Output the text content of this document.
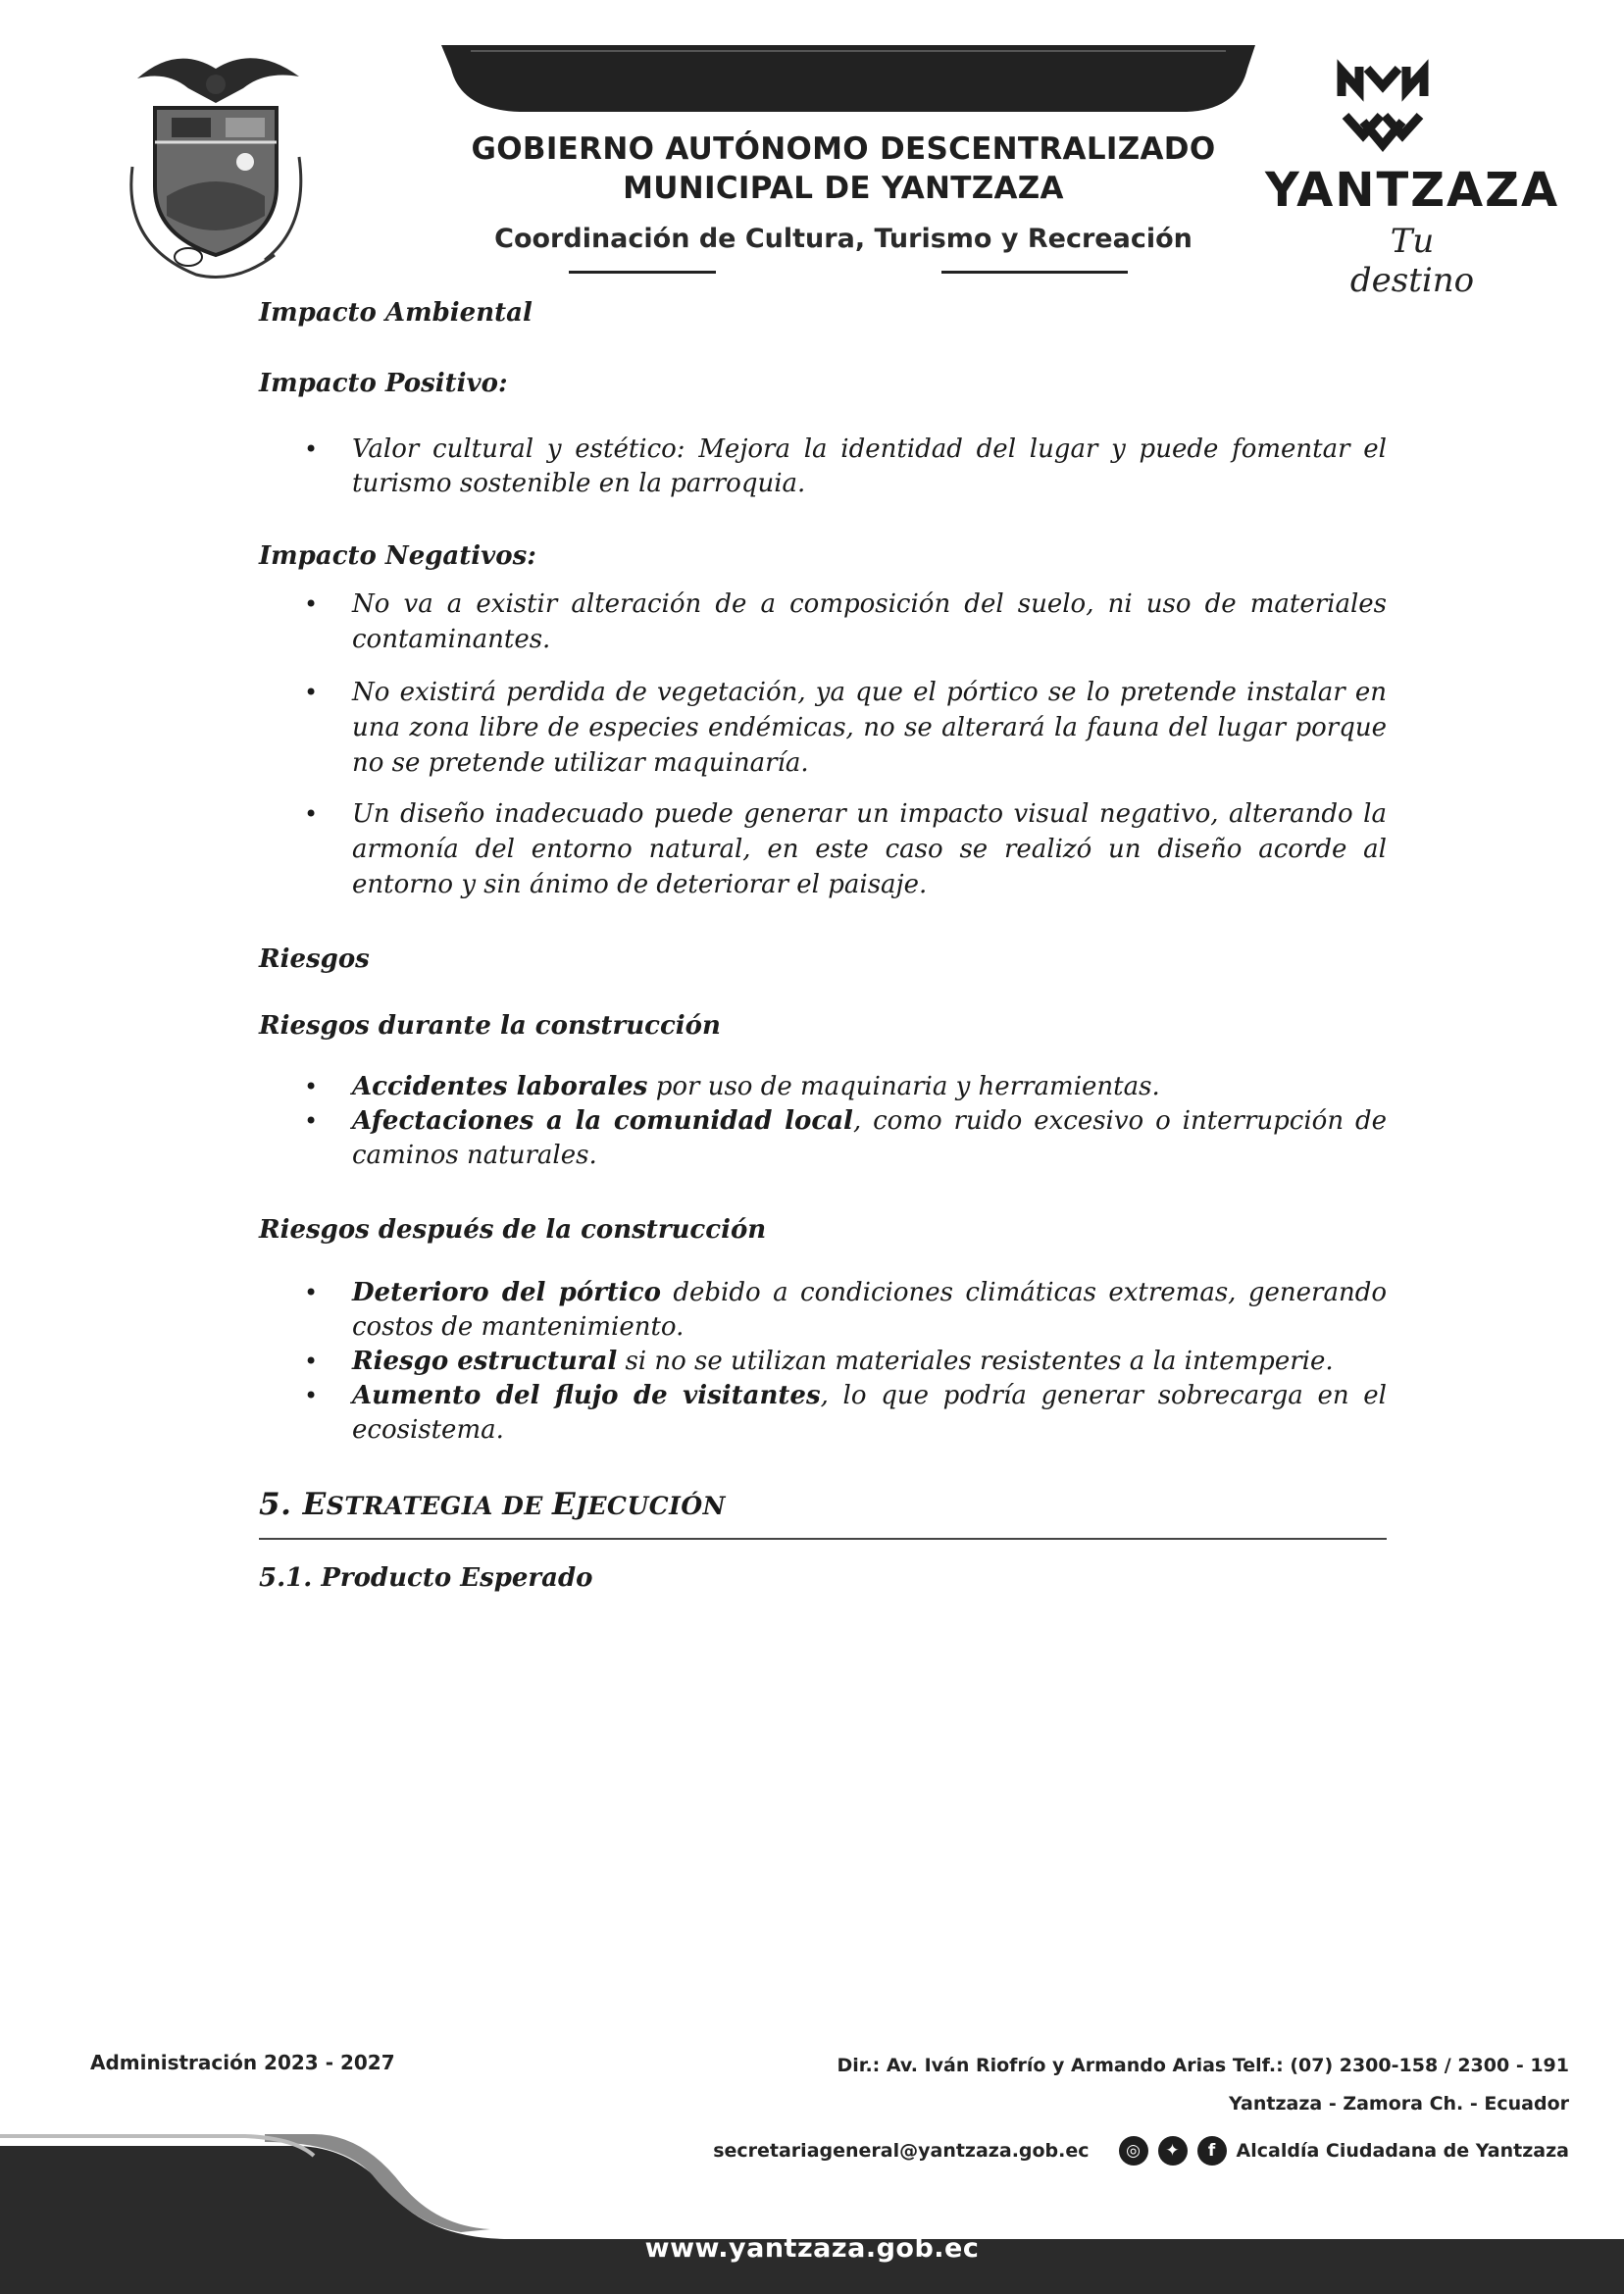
GOBIERNO AUTÓNOMO DESCENTRALIZADO
MUNICIPAL DE YANTZAZA
Coordinación de Cultura, Turismo y Recreación
YANTZAZA
Tu destino
Impacto Ambiental
Impacto Positivo:
• Valor cultural y estético: Mejora la identidad del lugar y puede fomentar el turismo sostenible en la parroquia.
Impacto Negativos:
• No va a existir alteración de a composición del suelo, ni uso de materiales contaminantes.
• No existirá perdida de vegetación, ya que el pórtico se lo pretende instalar en una zona libre de especies endémicas, no se alterará la fauna del lugar porque no se pretende utilizar maquinaría.
• Un diseño inadecuado puede generar un impacto visual negativo, alterando la armonía del entorno natural, en este caso se realizó un diseño acorde al entorno y sin ánimo de deteriorar el paisaje.
Riesgos
Riesgos durante la construcción
• Accidentes laborales por uso de maquinaria y herramientas.
• Afectaciones a la comunidad local, como ruido excesivo o interrupción de caminos naturales.
Riesgos después de la construcción
• Deterioro del pórtico debido a condiciones climáticas extremas, generando costos de mantenimiento.
• Riesgo estructural si no se utilizan materiales resistentes a la intemperie.
• Aumento del flujo de visitantes, lo que podría generar sobrecarga en el ecosistema.
5. ESTRATEGIA DE EJECUCIÓN
5.1. Producto Esperado
Administración 2023 - 2027	Dir.: Av. Iván Riofrío y Armando Arias Telf.: (07) 2300-158 / 2300 - 191
Yantzaza - Zamora Ch. - Ecuador
secretariageneral@yantzaza.gob.ec	◎	✦	f	Alcaldía Ciudadana de Yantzaza
www.yantzaza.gob.ec
